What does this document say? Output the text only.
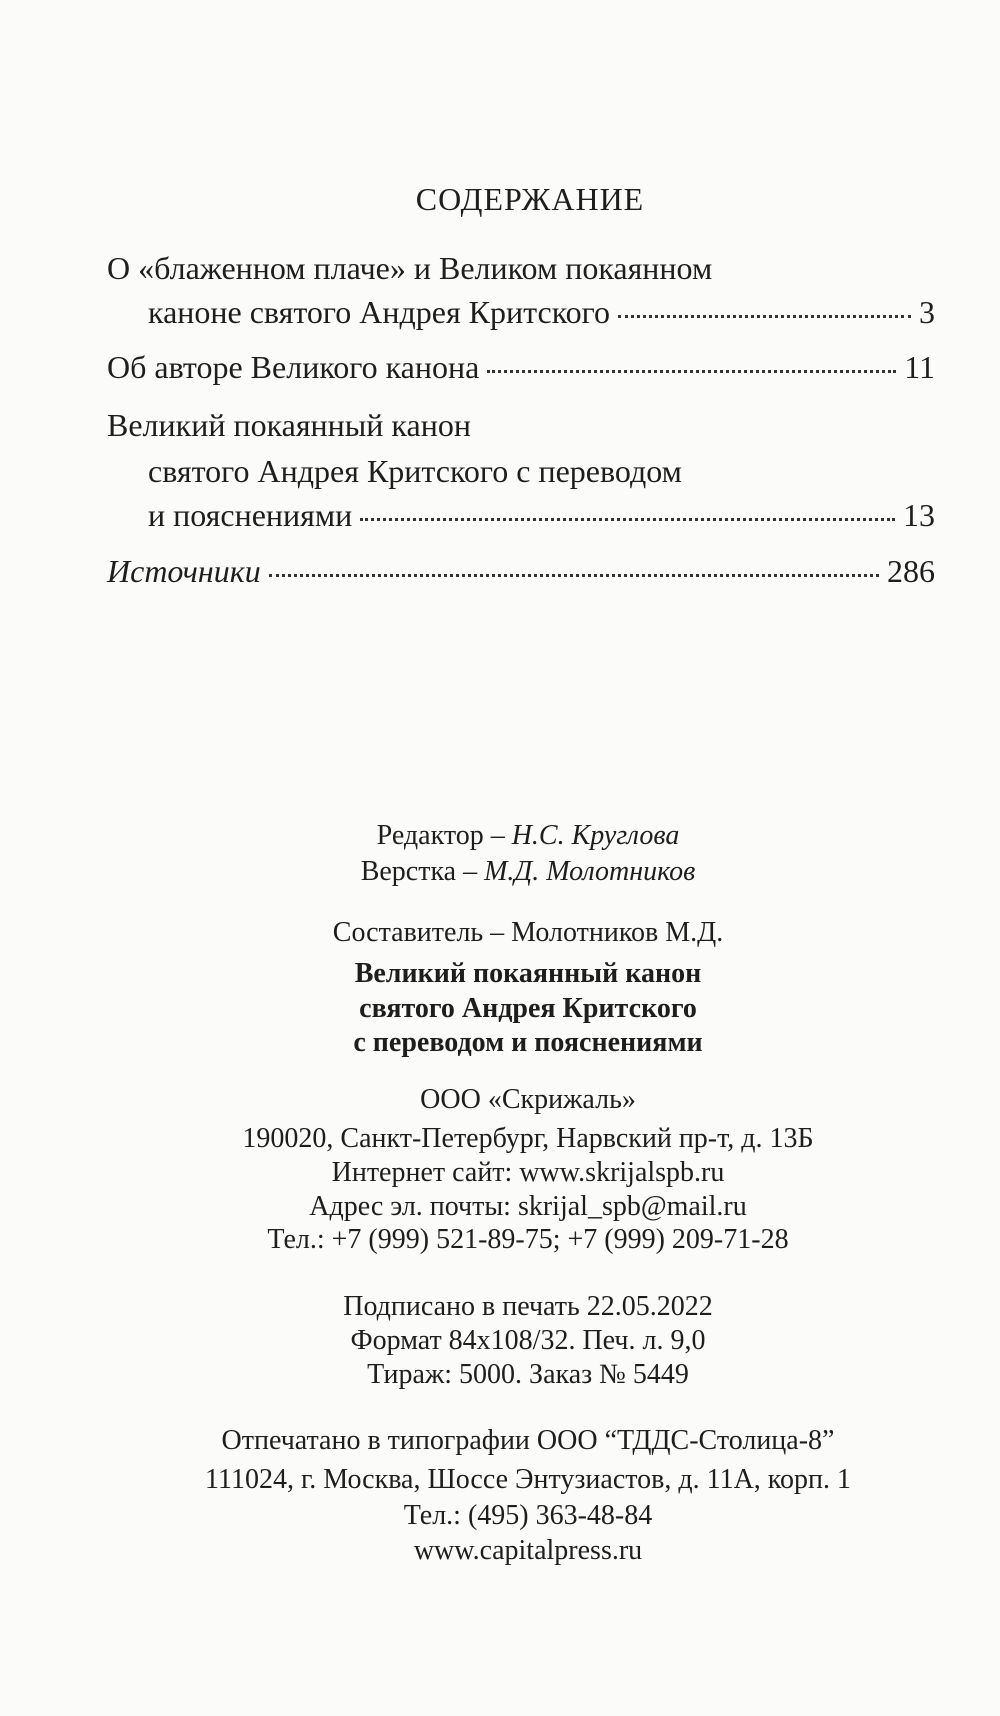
СОДЕРЖАНИЕ
О «блаженном плаче» и Великом покаянном
каноне святого Андрея Критского	3
Об авторе Великого канона	11
Великий покаянный канон
святого Андрея Критского с переводом
и пояснениями	13
Источники	286
Редактор – Н.С. Круглова
Верстка – М.Д. Молотников
Составитель – Молотников М.Д.
Великий покаянный канон
святого Андрея Критского
с переводом и пояснениями
ООО «Скрижаль»
190020, Санкт-Петербург, Нарвский пр-т, д. 13Б
Интернет сайт: www.skrijalspb.ru
Адрес эл. почты: skrijal_spb@mail.ru
Тел.: +7 (999) 521-89-75; +7 (999) 209-71-28
Подписано в печать 22.05.2022
Формат 84x108/32. Печ. л. 9,0
Тираж: 5000. Заказ № 5449
Отпечатано в типографии ООО “ТДДС-Столица-8”
111024, г. Москва, Шоссе Энтузиастов, д. 11А, корп. 1
Тел.: (495) 363-48-84
www.capitalpress.ru
